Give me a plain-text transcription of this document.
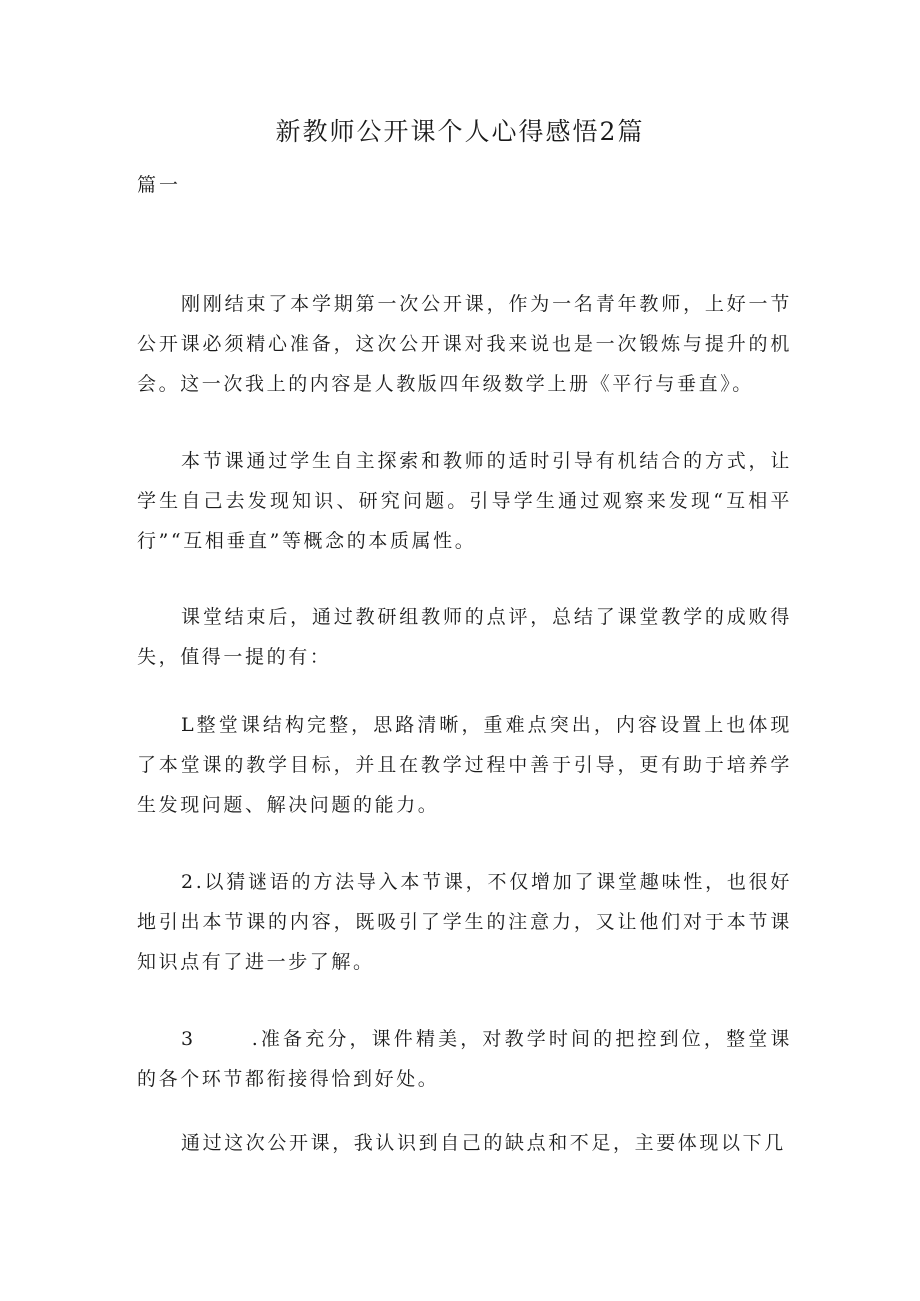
新教师公开课个人心得感悟2篇
篇一

刚刚结束了本学期第一次公开课，作为一名青年教师，上好一节公开课必须精心准备，这次公开课对我来说也是一次锻炼与提升的机会。这一次我上的内容是人教版四年级数学上册《平行与垂直》。

本节课通过学生自主探索和教师的适时引导有机结合的方式，让学生自己去发现知识、研究问题。引导学生通过观察来发现“互相平行”“互相垂直”等概念的本质属性。

课堂结束后，通过教研组教师的点评，总结了课堂教学的成败得失，值得一提的有：

L整堂课结构完整，思路清晰，重难点突出，内容设置上也体现了本堂课的教学目标，并且在教学过程中善于引导，更有助于培养学生发现问题、解决问题的能力。

2.以猜谜语的方法导入本节课，不仅增加了课堂趣味性，也很好地引出本节课的内容，既吸引了学生的注意力，又让他们对于本节课知识点有了进一步了解。

3	.准备充分，课件精美，对教学时间的把控到位，整堂课的各个环节都衔接得恰到好处。

通过这次公开课，我认识到自己的缺点和不足，主要体现以下几
